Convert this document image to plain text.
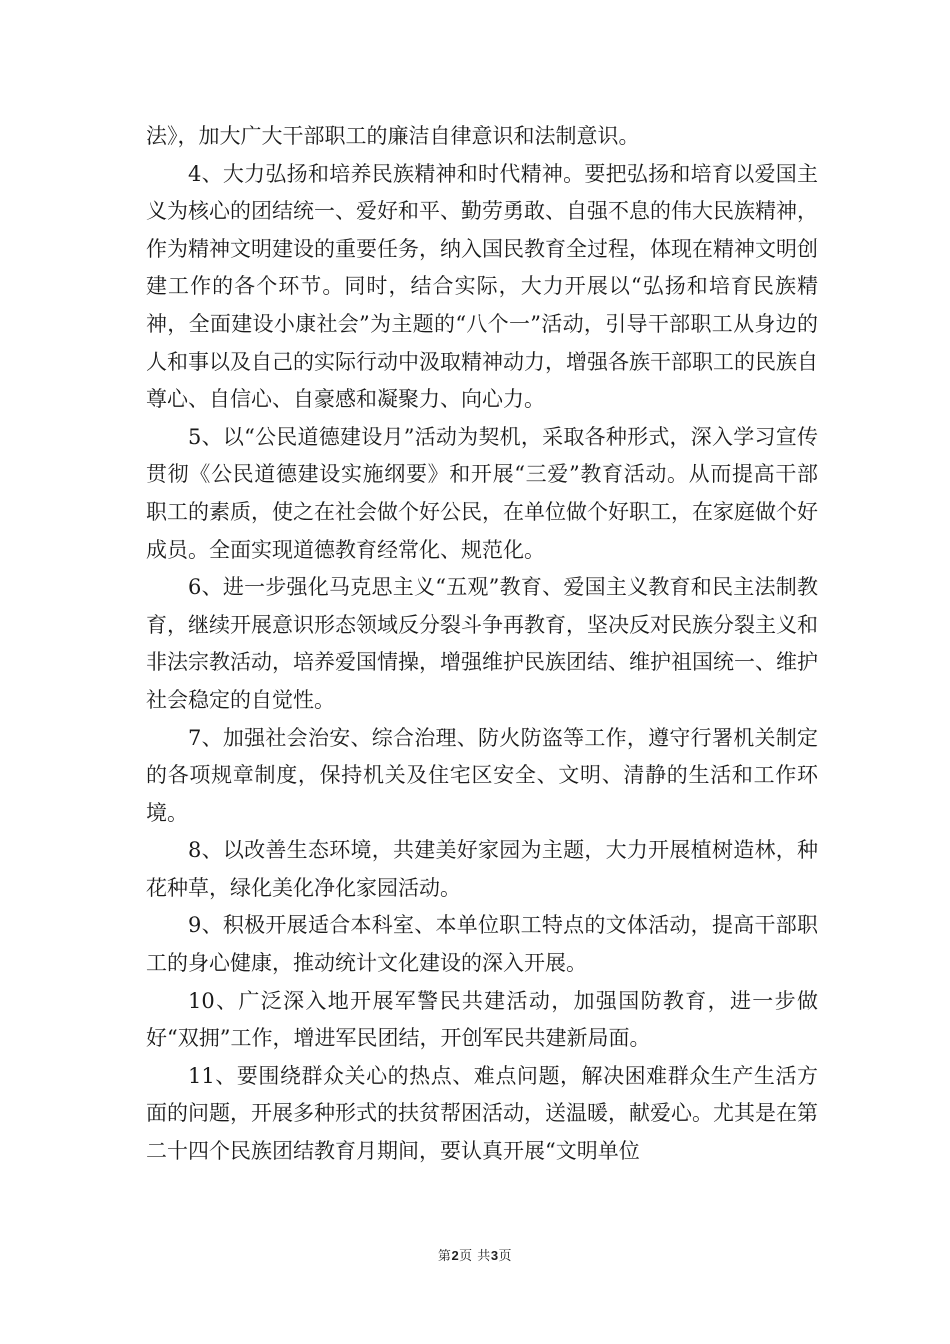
法》，加大广大干部职工的廉洁自律意识和法制意识。

4、大力弘扬和培养民族精神和时代精神。要把弘扬和培育以爱国主义为核心的团结统一、爱好和平、勤劳勇敢、自强不息的伟大民族精神，作为精神文明建设的重要任务，纳入国民教育全过程，体现在精神文明创建工作的各个环节。同时，结合实际，大力开展以“弘扬和培育民族精神，全面建设小康社会”为主题的“八个一”活动，引导干部职工从身边的人和事以及自己的实际行动中汲取精神动力，增强各族干部职工的民族自尊心、自信心、自豪感和凝聚力、向心力。

5、以“公民道德建设月”活动为契机，采取各种形式，深入学习宣传贯彻《公民道德建设实施纲要》和开展“三爱”教育活动。从而提高干部职工的素质，使之在社会做个好公民，在单位做个好职工，在家庭做个好成员。全面实现道德教育经常化、规范化。

6、进一步强化马克思主义“五观”教育、爱国主义教育和民主法制教育，继续开展意识形态领域反分裂斗争再教育，坚决反对民族分裂主义和非法宗教活动，培养爱国情操，增强维护民族团结、维护祖国统一、维护社会稳定的自觉性。

7、加强社会治安、综合治理、防火防盗等工作，遵守行署机关制定的各项规章制度，保持机关及住宅区安全、文明、清静的生活和工作环境。

8、以改善生态环境，共建美好家园为主题，大力开展植树造林，种花种草，绿化美化净化家园活动。

9、积极开展适合本科室、本单位职工特点的文体活动，提高干部职工的身心健康，推动统计文化建设的深入开展。

10、广泛深入地开展军警民共建活动，加强国防教育，进一步做好“双拥”工作，增进军民团结，开创军民共建新局面。

11、要围绕群众关心的热点、难点问题，解决困难群众生产生活方面的问题，开展多种形式的扶贫帮困活动，送温暖，献爱心。尤其是在第二十四个民族团结教育月期间，要认真开展“文明单位

第2页 共3页
